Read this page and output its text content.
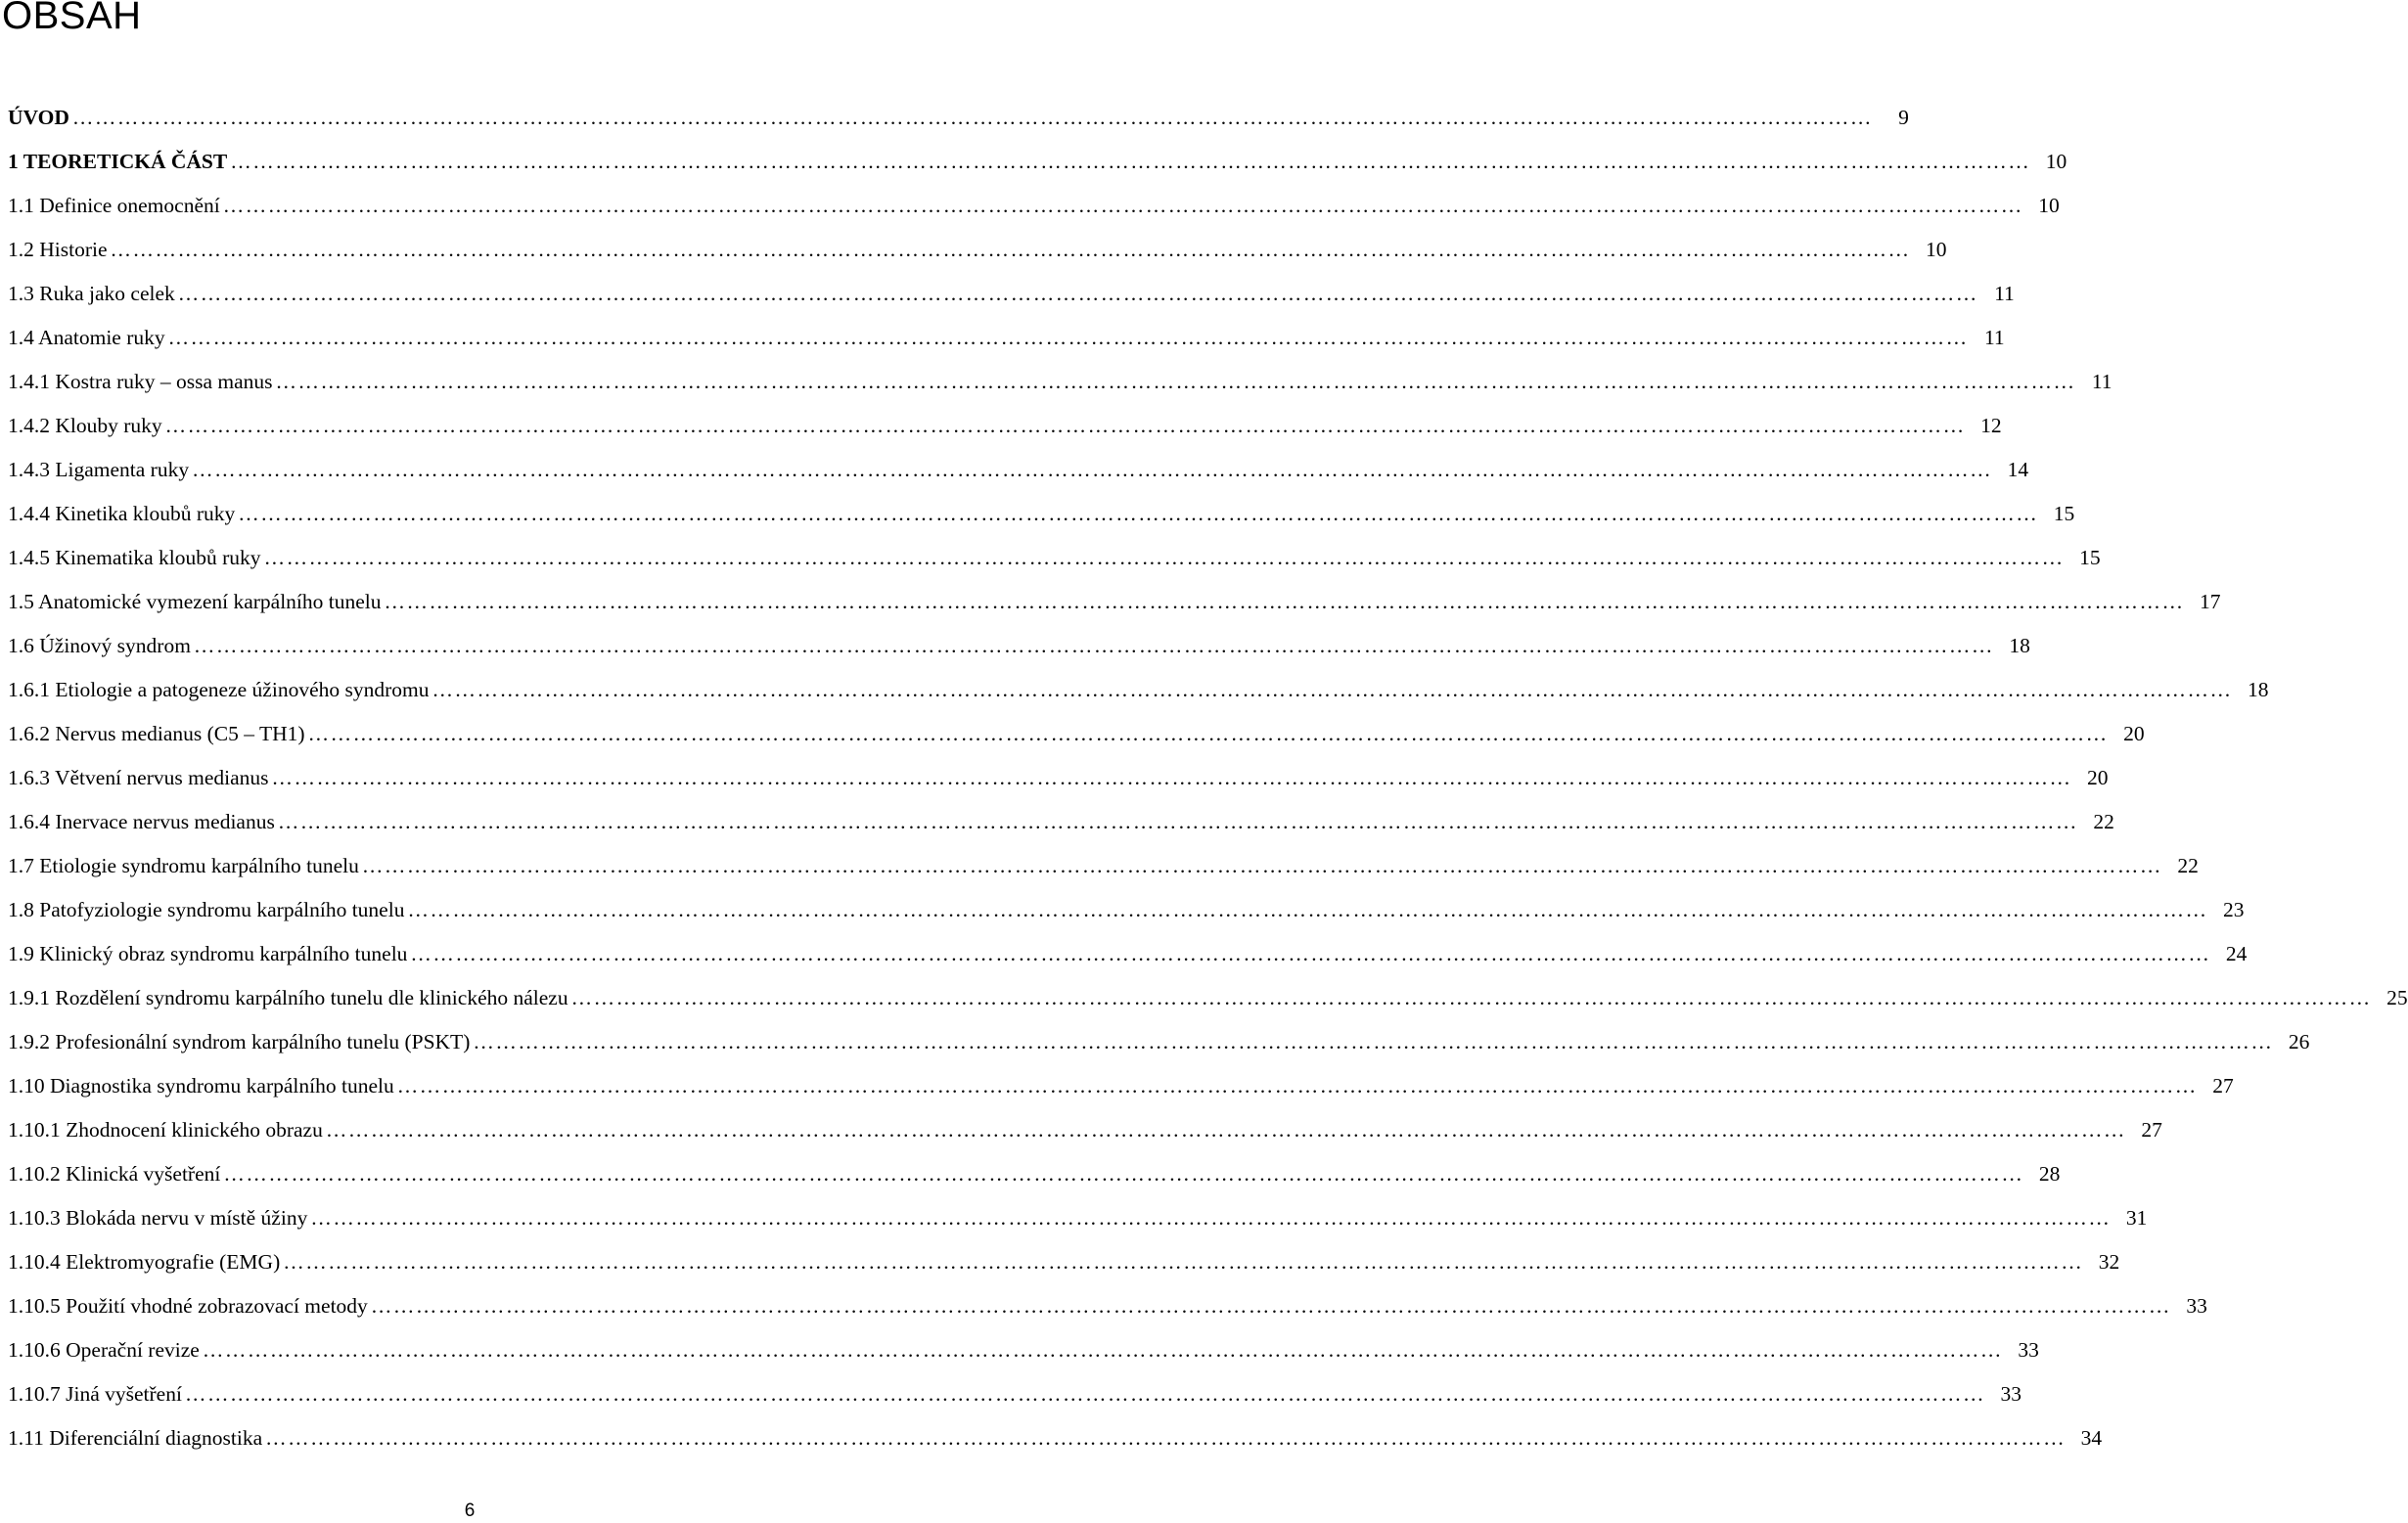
OBSAH
ÚVOD ……………………………………………………………………………………………………………………………………………………………………………………………………………………	9
1 TEORETICKÁ ČÁST …………………………………………………………………………………………………………………………………………………………………………………………………………………… 10
1.1 Definice onemocnění …………………………………………………………………………………………………………………………………………………………………………………………………………………… 10
1.2 Historie …………………………………………………………………………………………………………………………………………………………………………………………………………………… 10
1.3 Ruka jako celek …………………………………………………………………………………………………………………………………………………………………………………………………………………… 11
1.4 Anatomie ruky …………………………………………………………………………………………………………………………………………………………………………………………………………………… 11
1.4.1 Kostra ruky – ossa manus …………………………………………………………………………………………………………………………………………………………………………………………………………………… 11
1.4.2 Klouby ruky …………………………………………………………………………………………………………………………………………………………………………………………………………………… 12
1.4.3 Ligamenta ruky …………………………………………………………………………………………………………………………………………………………………………………………………………………… 14
1.4.4 Kinetika kloubů ruky …………………………………………………………………………………………………………………………………………………………………………………………………………………… 15
1.4.5 Kinematika kloubů ruky …………………………………………………………………………………………………………………………………………………………………………………………………………………… 15
1.5 Anatomické vymezení karpálního tunelu …………………………………………………………………………………………………………………………………………………………………………………………………………………… 17
1.6 Úžinový syndrom …………………………………………………………………………………………………………………………………………………………………………………………………………………… 18
1.6.1 Etiologie a patogeneze úžinového syndromu …………………………………………………………………………………………………………………………………………………………………………………………………………………… 18
1.6.2 Nervus medianus (C5 – TH1) …………………………………………………………………………………………………………………………………………………………………………………………………………………… 20
1.6.3 Větvení nervus medianus …………………………………………………………………………………………………………………………………………………………………………………………………………………… 20
1.6.4 Inervace nervus medianus …………………………………………………………………………………………………………………………………………………………………………………………………………………… 22
1.7 Etiologie syndromu karpálního tunelu …………………………………………………………………………………………………………………………………………………………………………………………………………………… 22
1.8 Patofyziologie syndromu karpálního tunelu …………………………………………………………………………………………………………………………………………………………………………………………………………………… 23
1.9 Klinický obraz syndromu karpálního tunelu …………………………………………………………………………………………………………………………………………………………………………………………………………………… 24
1.9.1 Rozdělení syndromu karpálního tunelu dle klinického nálezu …………………………………………………………………………………………………………………………………………………………………………………………………………………… 25
1.9.2 Profesionální syndrom karpálního tunelu (PSKT) …………………………………………………………………………………………………………………………………………………………………………………………………………………… 26
1.10 Diagnostika syndromu karpálního tunelu …………………………………………………………………………………………………………………………………………………………………………………………………………………… 27
1.10.1 Zhodnocení klinického obrazu …………………………………………………………………………………………………………………………………………………………………………………………………………………… 27
1.10.2 Klinická vyšetření …………………………………………………………………………………………………………………………………………………………………………………………………………………… 28
1.10.3 Blokáda nervu v místě úžiny …………………………………………………………………………………………………………………………………………………………………………………………………………………… 31
1.10.4 Elektromyografie (EMG) …………………………………………………………………………………………………………………………………………………………………………………………………………………… 32
1.10.5 Použití vhodné zobrazovací metody …………………………………………………………………………………………………………………………………………………………………………………………………………………… 33
1.10.6 Operační revize …………………………………………………………………………………………………………………………………………………………………………………………………………………… 33
1.10.7 Jiná vyšetření …………………………………………………………………………………………………………………………………………………………………………………………………………………… 33
1.11 Diferenciální diagnostika …………………………………………………………………………………………………………………………………………………………………………………………………………………… 34
6
